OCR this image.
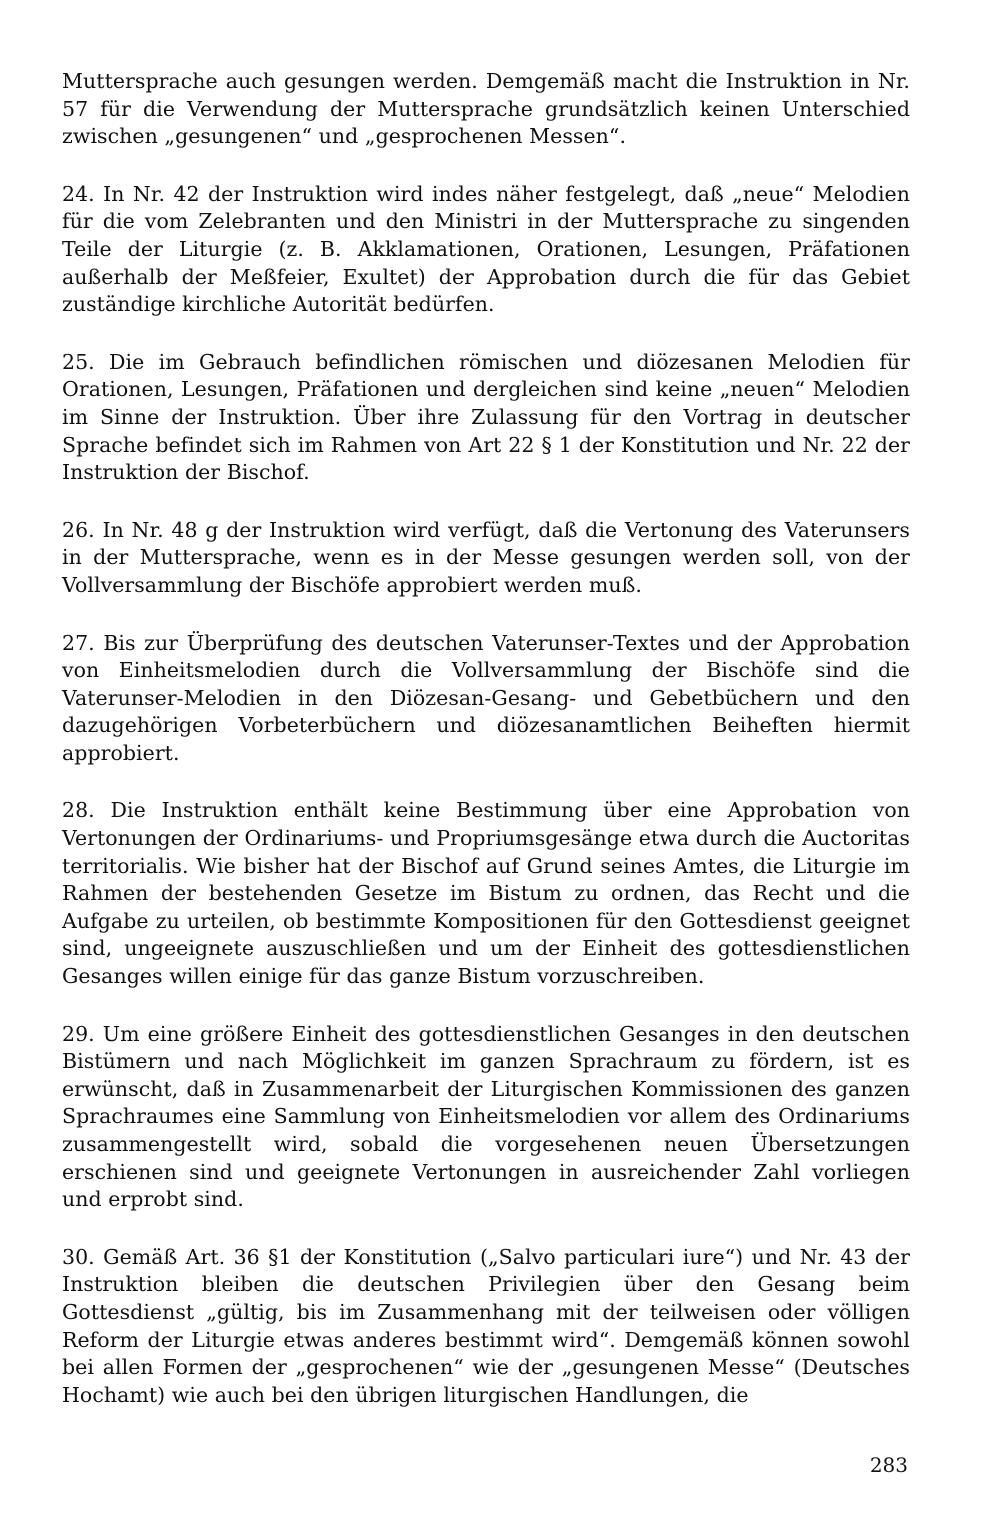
Muttersprache auch gesungen werden. Demgemäß macht die Instruktion in Nr. 57 für die Verwendung der Muttersprache grundsätzlich keinen Unterschied zwischen „gesungenen“ und „gesprochenen Messen“.

24. In Nr. 42 der Instruktion wird indes näher festgelegt, daß „neue“ Melodien für die vom Zelebranten und den Ministri in der Muttersprache zu singenden Teile der Liturgie (z. B. Akklamationen, Orationen, Lesungen, Präfationen außerhalb der Meßfeier, Exultet) der Approbation durch die für das Gebiet zuständige kirchliche Autorität bedürfen.

25. Die im Gebrauch befindlichen römischen und diözesanen Melodien für Orationen, Lesungen, Präfationen und dergleichen sind keine „neuen“ Melodien im Sinne der Instruktion. Über ihre Zulassung für den Vortrag in deutscher Sprache befindet sich im Rahmen von Art 22 § 1 der Konstitution und Nr. 22 der Instruktion der Bischof.

26. In Nr. 48 g der Instruktion wird verfügt, daß die Vertonung des Vaterunsers in der Muttersprache, wenn es in der Messe gesungen werden soll, von der Vollversammlung der Bischöfe approbiert werden muß.

27. Bis zur Überprüfung des deutschen Vaterunser-Textes und der Approbation von Einheitsmelodien durch die Vollversammlung der Bischöfe sind die Vaterunser-Melodien in den Diözesan-Gesang- und Gebetbüchern und den dazugehörigen Vorbeterbüchern und diözesanamtlichen Beiheften hiermit approbiert.

28. Die Instruktion enthält keine Bestimmung über eine Approbation von Vertonungen der Ordinariums- und Propriumsgesänge etwa durch die Auctoritas territorialis. Wie bisher hat der Bischof auf Grund seines Amtes, die Liturgie im Rahmen der bestehenden Gesetze im Bistum zu ordnen, das Recht und die Aufgabe zu urteilen, ob bestimmte Kompositionen für den Gottesdienst geeignet sind, ungeeignete auszuschließen und um der Einheit des gottesdienstlichen Gesanges willen einige für das ganze Bistum vorzuschreiben.

29. Um eine größere Einheit des gottesdienstlichen Gesanges in den deutschen Bistümern und nach Möglichkeit im ganzen Sprachraum zu fördern, ist es erwünscht, daß in Zusammenarbeit der Liturgischen Kommissionen des ganzen Sprachraumes eine Sammlung von Einheitsmelodien vor allem des Ordinariums zusammengestellt wird, sobald die vorgesehenen neuen Übersetzungen erschienen sind und geeignete Vertonungen in ausreichender Zahl vorliegen und erprobt sind.

30. Gemäß Art. 36 §1 der Konstitution („Salvo particulari iure“) und Nr. 43 der Instruktion bleiben die deutschen Privilegien über den Gesang beim Gottesdienst „gültig, bis im Zusammenhang mit der teilweisen oder völligen Reform der Liturgie etwas anderes bestimmt wird“. Demgemäß können sowohl bei allen Formen der „gesprochenen“ wie der „gesungenen Messe“ (Deutsches Hochamt) wie auch bei den übrigen liturgischen Handlungen, die

283
